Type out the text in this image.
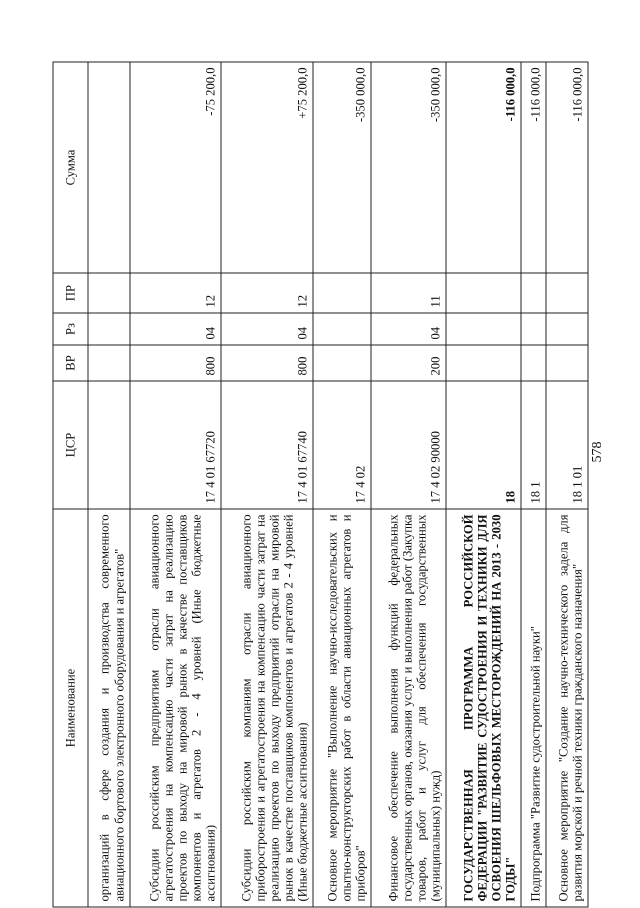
578
Наименование	ЦСР	ВР	Рз	ПР	Сумма
организаций в сфере создания и производства современного авиационного бортового электронного оборудования и агрегатов"					
Субсидии российским предприятиям отрасли авиационного агрегатостроения на компенсацию части затрат на реализацию проектов по выходу на мировой рынок в качестве поставщиков компонентов и агрегатов 2 - 4 уровней (Иные бюджетные ассигнования)	17 4 01 67720	800	04	12	-75 200,0
Субсидии российским компаниям отрасли авиационного приборостроения и агрегатостроения на компенсацию части затрат на реализацию проектов по выходу предприятий отрасли на мировой рынок в качестве поставщиков компонентов и агрегатов 2 - 4 уровней (Иные бюджетные ассигнования)	17 4 01 67740	800	04	12	+75 200,0
Основное мероприятие "Выполнение научно-исследовательских и опытно-конструкторских работ в области авиационных агрегатов и приборов"	17 4 02				-350 000,0
Финансовое обеспечение выполнения функций федеральных государственных органов, оказания услуг и выполнения работ (Закупка товаров, работ и услуг для обеспечения государственных (муниципальных) нужд)	17 4 02 90000	200	04	11	-350 000,0
ГОСУДАРСТВЕННАЯ ПРОГРАММА РОССИЙСКОЙ ФЕДЕРАЦИИ "РАЗВИТИЕ СУДОСТРОЕНИЯ И ТЕХНИКИ ДЛЯ ОСВОЕНИЯ ШЕЛЬФОВЫХ МЕСТОРОЖДЕНИЙ НА 2013 - 2030 ГОДЫ"	18				-116 000,0
Подпрограмма "Развитие судостроительной науки"	18 1				-116 000,0
Основное мероприятие "Создание научно-технического задела для развития морской и речной техники гражданского назначения"	18 1 01				-116 000,0
